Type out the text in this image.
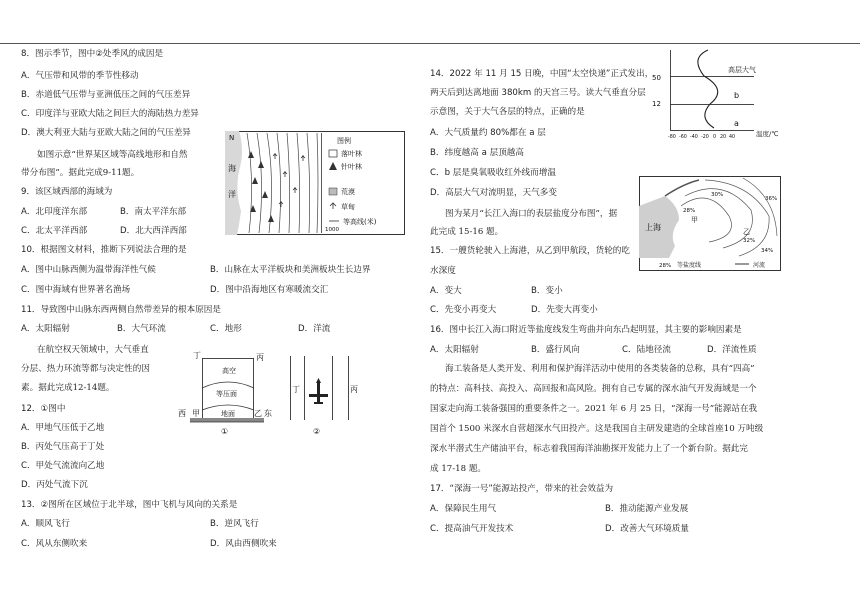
8．图示季节，图中②处季风的成因是
A．气压带和风带的季节性移动
B．赤道低气压带与亚洲低压之间的气压差异
C．印度洋与亚欧大陆之间巨大的海陆热力差异
D．澳大利亚大陆与亚欧大陆之间的气压差异
如图示意“世界某区域等高线地形和自然
带分布图”。据此完成9-11题。
N
海
洋
图例
落叶林
针叶林
荒漠
草甸
1000
等高线(米)
9．该区域西部的海域为
A．北印度洋东部	B．南太平洋东部
C．北太平洋西部	D．北大西洋西部
10．根据图文材料，推断下列说法合理的是
A．图中山脉西侧为温带海洋性气候	B．山脉在太平洋板块和美洲板块生长边界
C．图中海域有世界著名渔场	D．图中沿海地区有寒暖流交汇
11．导致图中山脉东西两侧自然带差异的根本原因是
A．太阳辐射	B．大气环流	C．地形	D．洋流
在航空权天领域中，大气垂直
分层、热力环流等都与决定性的因
素。据此完成12-14题。
丁	丙
高空
等压面
地面
甲	乙
西	东
①
丁	丙
②
12．①图中
A．甲地气压低于乙地
B．丙处气压高于丁处
C．甲处气流流向乙地
D．丙处气流下沉
13．②图所在区域位于北半球，图中飞机与风向的关系是
A．顺风飞行	B．逆风飞行
C．风从东侧吹来	D．风由西侧吹来
14．2022 年 11 月 15 日晚，中国“太空快递”正式发出，
两天后到达离地面 380km 的天宫三号。读大气垂直分层
示意图，关于大气各层的特点，正确的是
A．大气质量约 80%都在 a 层
B．纬度越高 a 层顶越高
C．b 层是臭氧吸收红外线而增温
D．高层大气对流明显，天气多变
50
12
高层大气
b
a
-80 -60 -40 -20 0 20 40	温度/℃
上海
甲
乙
30%
28%
32%
34%
36%
28% 等盐度线	河流
图为某月“长江入海口的表层盐度分布图”，据
此完成 15-16 题。
15．一艘货轮驶入上海港，从乙到甲航段，货轮的吃
水深度
A．变大	B．变小
C．先变小再变大	D．先变大再变小
16．图中长江入海口附近等盐度线发生弯曲并向东凸起明显，其主要的影响因素是
A．太阳辐射	B．盛行风向	C．陆地径流	D．洋流性质
海工装备是人类开发、利用和保护海洋活动中使用的各类装备的总称，具有“四高”
的特点：高科技、高投入、高回报和高风险。拥有自己专属的深水油气开发海域是一个
国家走向海工装备强国的重要条件之一。2021 年 6 月 25 日，“深海一号”能源站在我
国首个 1500 米深水自营超深水气田投产。这是我国自主研发建造的全球首座10 万吨级
深水半潜式生产储油平台，标志着我国海洋油勘探开发能力上了一个新台阶。据此完
成 17-18 题。
17．“深海一号”能源站投产，带来的社会效益为
A．保障民生用气	B．推动能源产业发展
C．提高油气开发技术	D．改善大气环境质量
